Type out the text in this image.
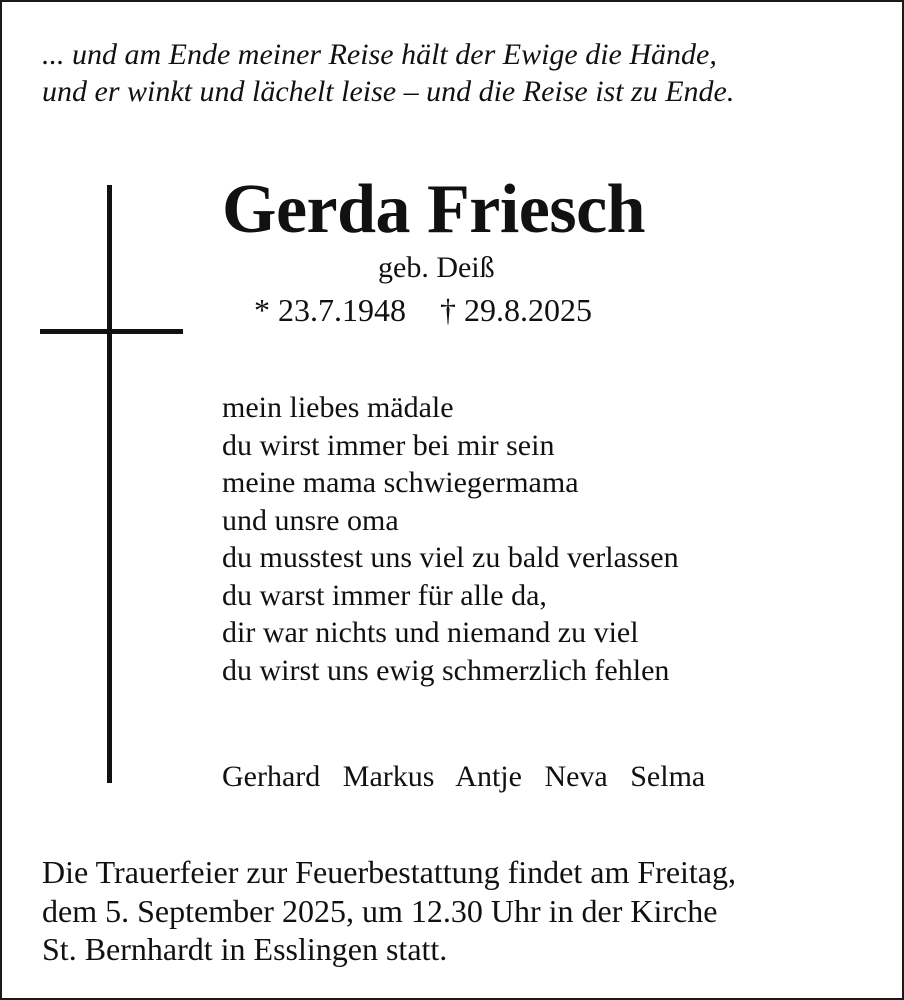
... und am Ende meiner Reise hält der Ewige die Hände,
und er winkt und lächelt leise – und die Reise ist zu Ende.
Gerda Friesch
geb. Deiß
* 23.7.1948 † 29.8.2025
mein liebes mädale
du wirst immer bei mir sein
meine mama schwiegermama
und unsre oma
du musstest uns viel zu bald verlassen
du warst immer für alle da,
dir war nichts und niemand zu viel
du wirst uns ewig schmerzlich fehlen
Gerhard Markus Antje Neva Selma
Die Trauerfeier zur Feuerbestattung findet am Freitag,
dem 5. September 2025, um 12.30 Uhr in der Kirche
St. Bernhardt in Esslingen statt.
